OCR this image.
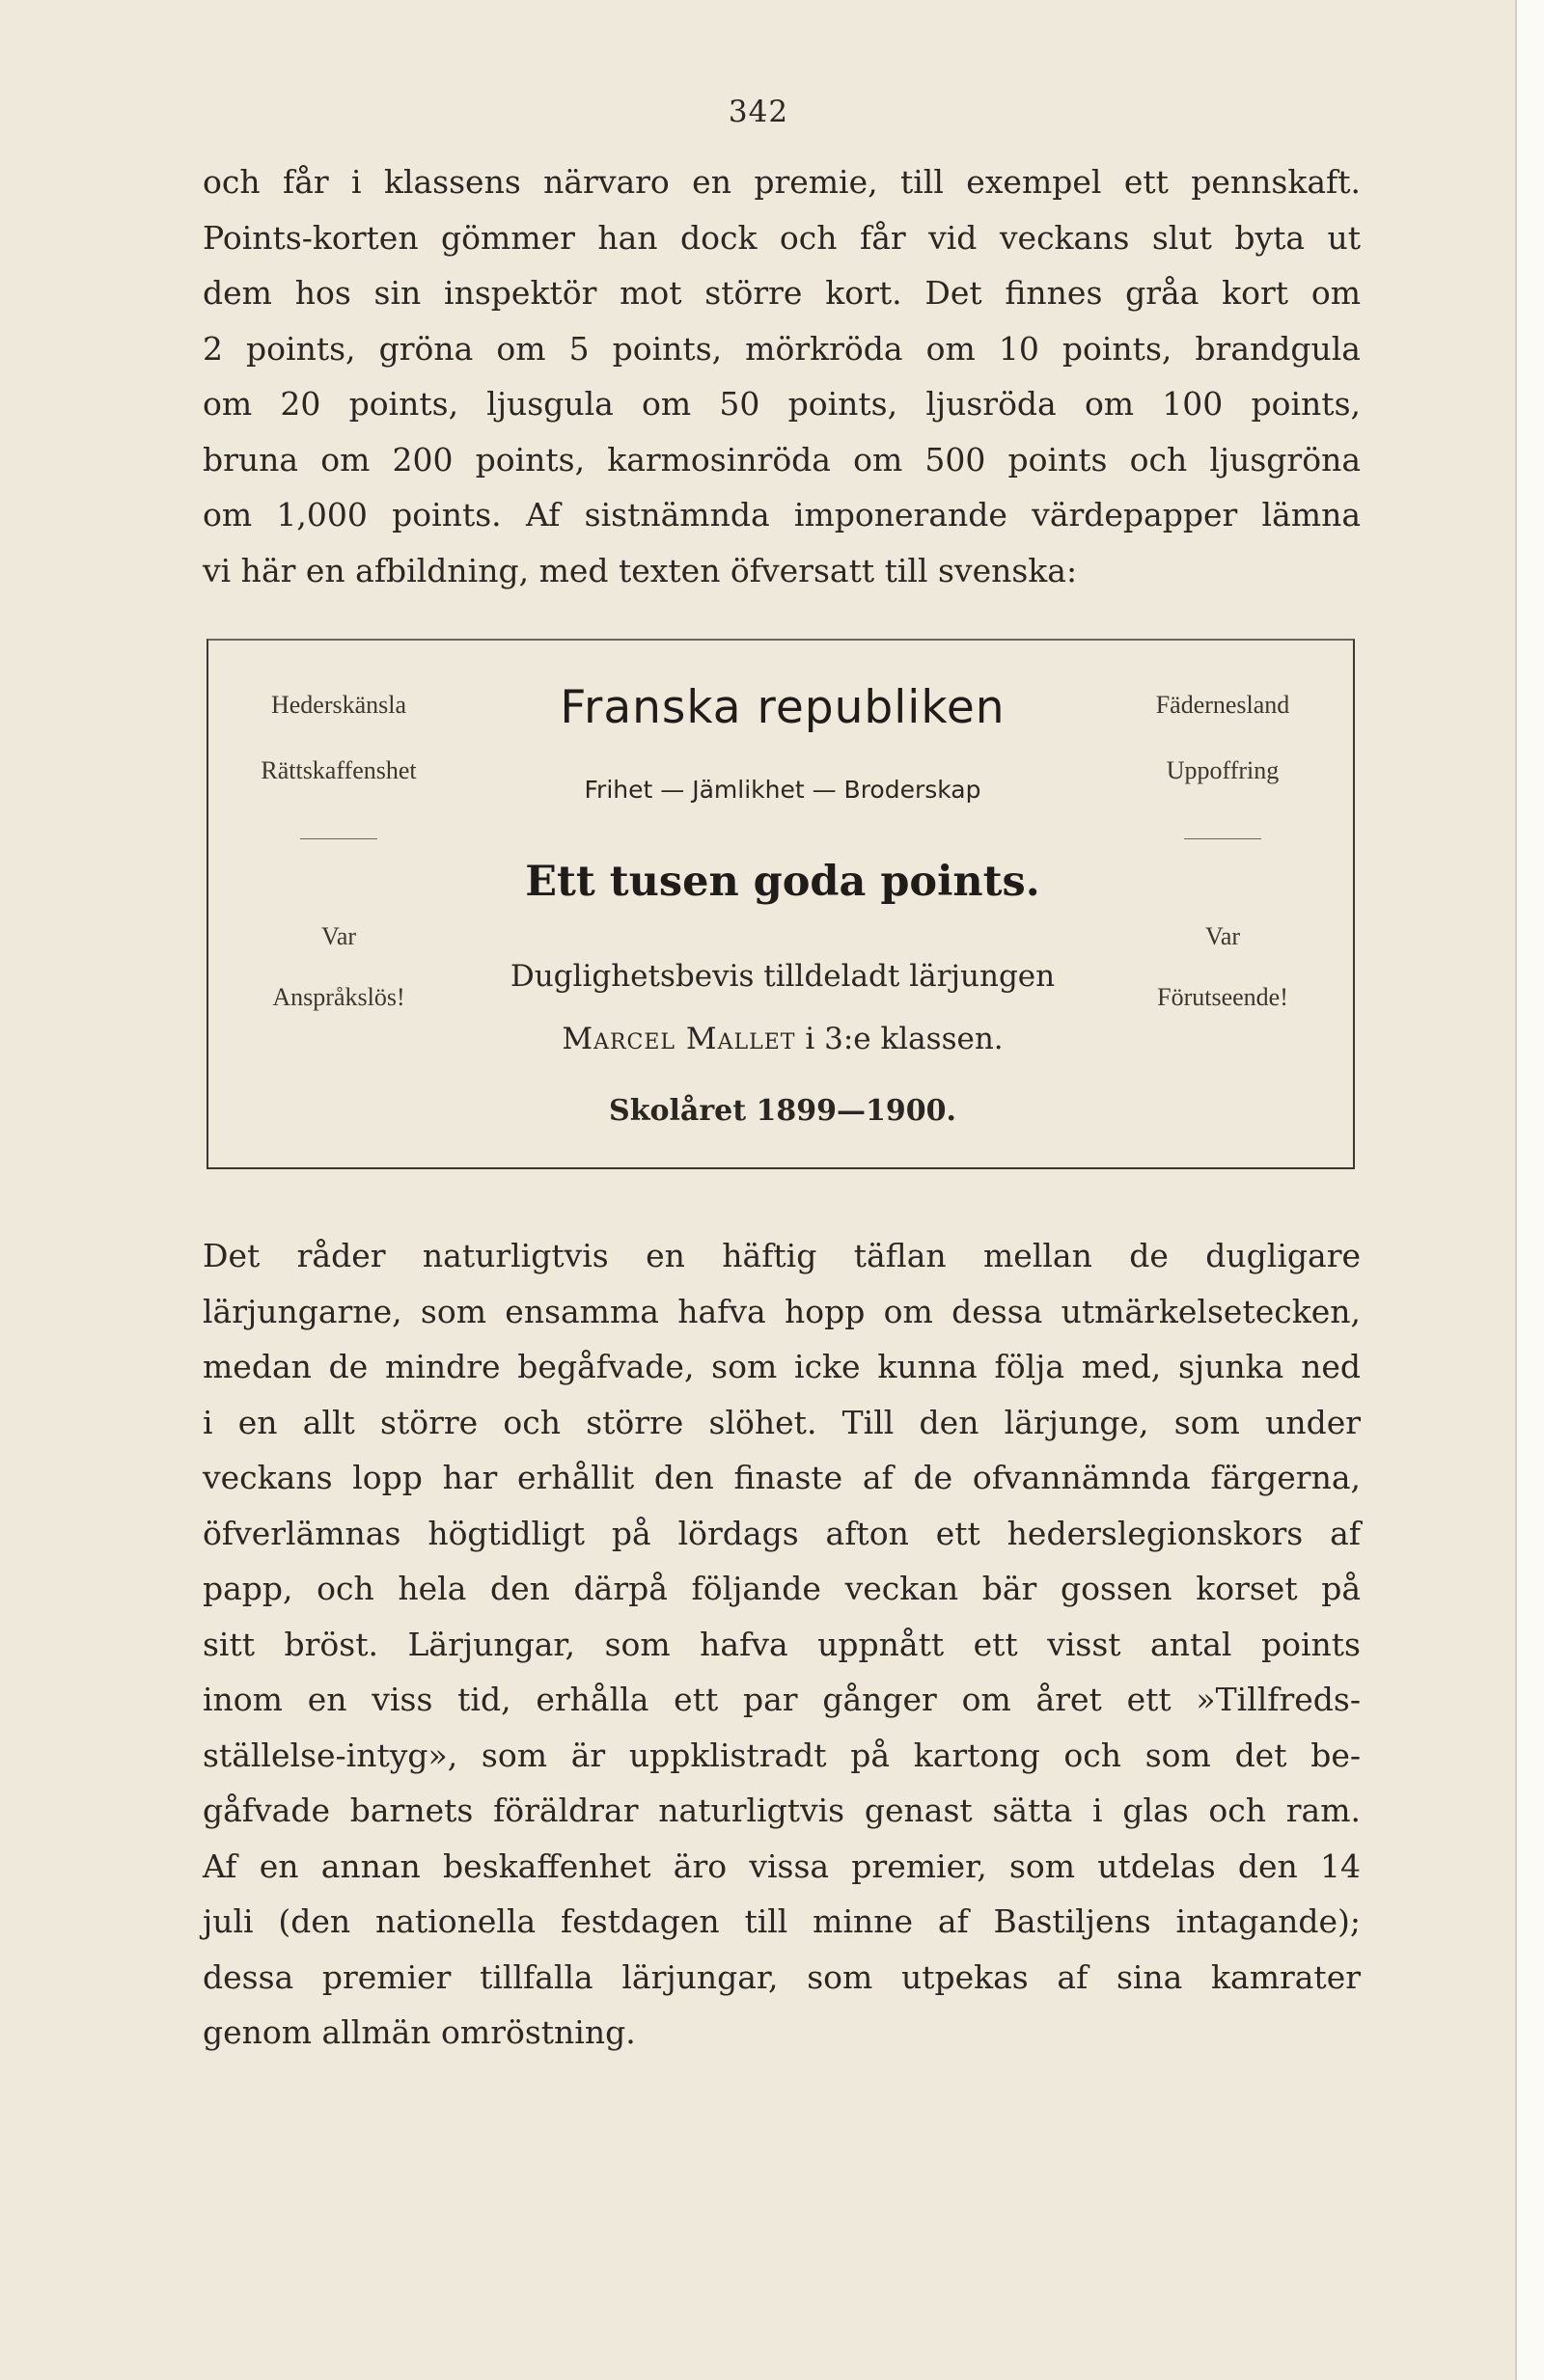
342
och får i klassens närvaro en premie, till exempel ett pennskaft.
Points-korten gömmer han dock och får vid veckans slut byta ut
dem hos sin inspektör mot större kort. Det finnes gråa kort om
2 points, gröna om 5 points, mörkröda om 10 points, brandgula
om 20 points, ljusgula om 50 points, ljusröda om 100 points,
bruna om 200 points, karmosinröda om 500 points och ljusgröna
om 1,000 points. Af sistnämnda imponerande värdepapper lämna
vi här en afbildning, med texten öfversatt till svenska:
Hederskänsla
Rättskaffenshet
Var
Anspråkslös!
Franska republiken
Frihet — Jämlikhet — Broderskap
Ett tusen goda points.
Duglighetsbevis tilldeladt lärjungen
Marcel Mallet i 3:e klassen.
Skolåret 1899—1900.
Fädernesland
Uppoffring
Var
Förutseende!
Det råder naturligtvis en häftig täflan mellan de dugligare
lärjungarne, som ensamma hafva hopp om dessa utmärkelsetecken,
medan de mindre begåfvade, som icke kunna följa med, sjunka ned
i en allt större och större slöhet. Till den lärjunge, som under
veckans lopp har erhållit den finaste af de ofvannämnda färgerna,
öfverlämnas högtidligt på lördags afton ett hederslegionskors af
papp, och hela den därpå följande veckan bär gossen korset på
sitt bröst. Lärjungar, som hafva uppnått ett visst antal points
inom en viss tid, erhålla ett par gånger om året ett »Tillfreds-
ställelse-intyg», som är uppklistradt på kartong och som det be-
gåfvade barnets föräldrar naturligtvis genast sätta i glas och ram.
Af en annan beskaffenhet äro vissa premier, som utdelas den 14
juli (den nationella festdagen till minne af Bastiljens intagande);
dessa premier tillfalla lärjungar, som utpekas af sina kamrater
genom allmän omröstning.
